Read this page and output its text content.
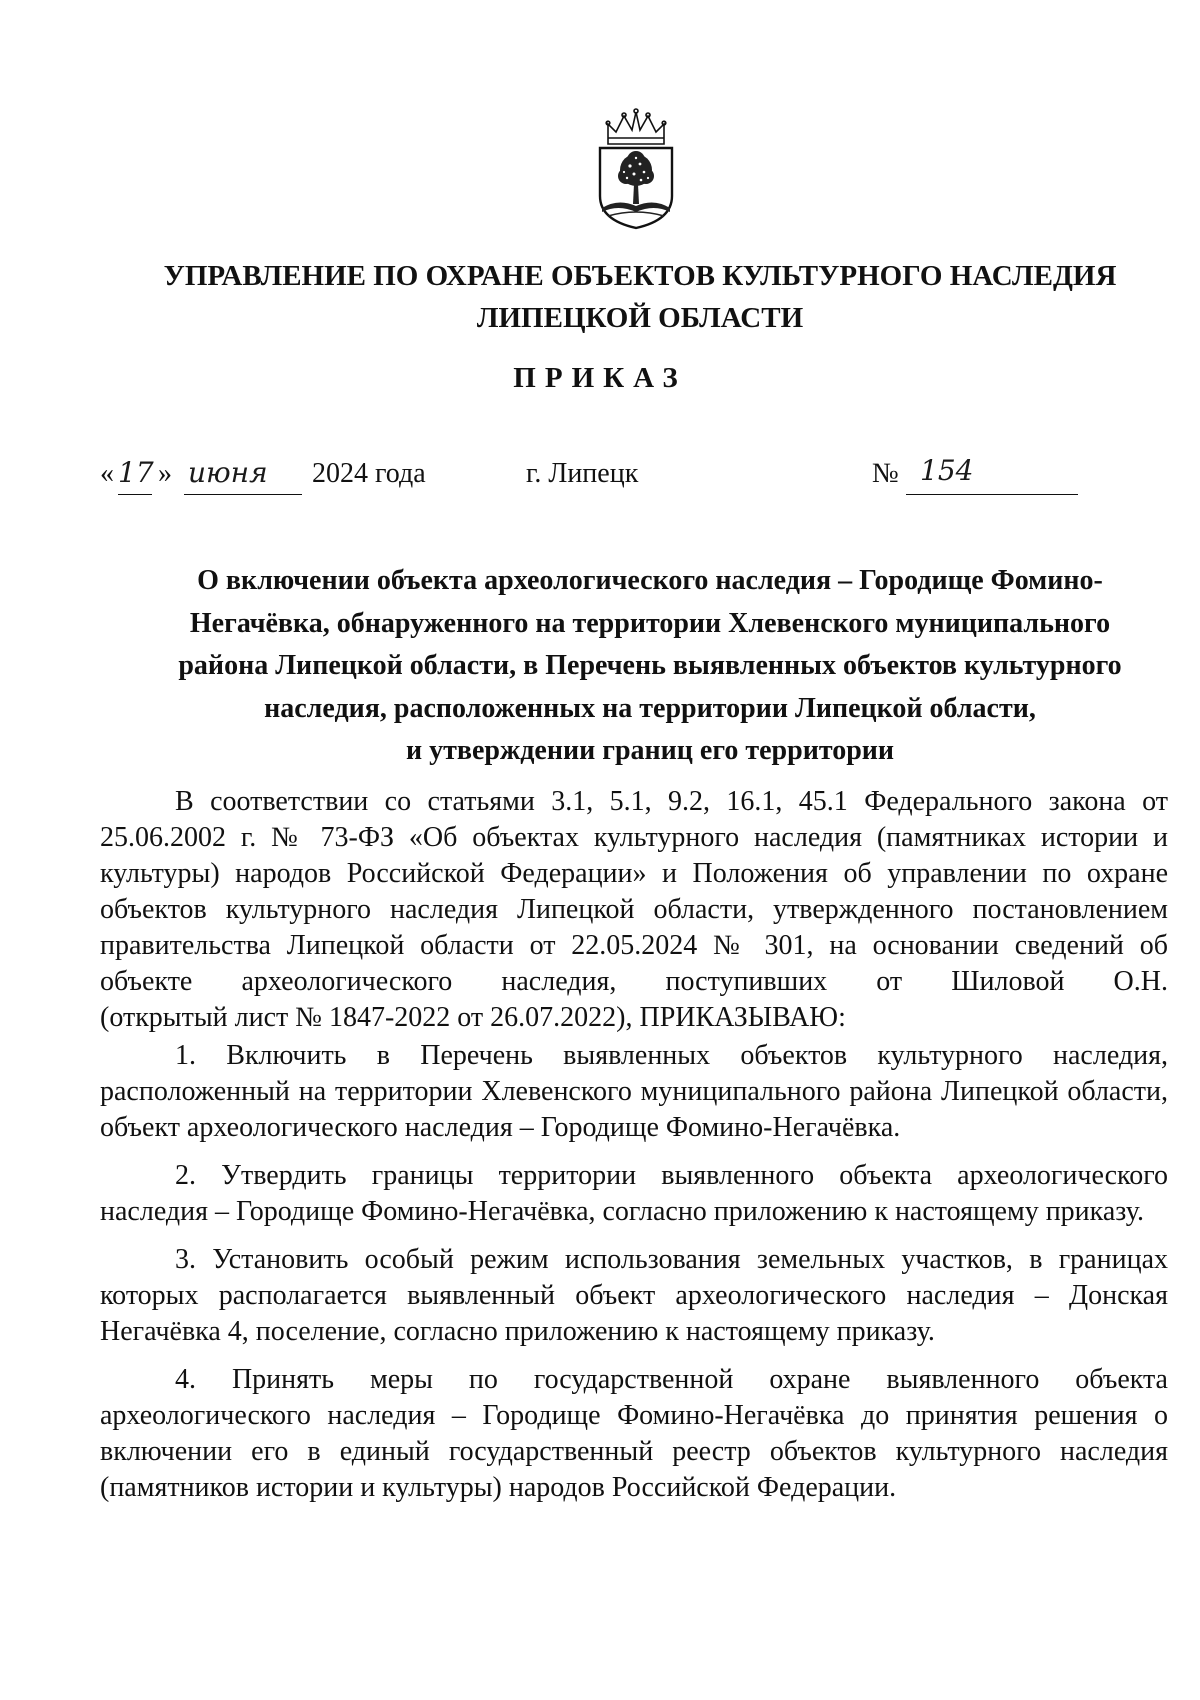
УПРАВЛЕНИЕ ПО ОХРАНЕ ОБЪЕКТОВ КУЛЬТУРНОГО НАСЛЕДИЯ
ЛИПЕЦКОЙ ОБЛАСТИ
ПРИКАЗ
« 17 » июня 2024 года	г. Липецк	№ 154
О включении объекта археологического наследия – Городище Фомино-
Негачёвка, обнаруженного на территории Хлевенского муниципального
района Липецкой области, в Перечень выявленных объектов культурного
наследия, расположенных на территории Липецкой области,
и утверждении границ его территории
В соответствии со статьями 3.1, 5.1, 9.2, 16.1, 45.1 Федерального закона от
25.06.2002 г. № 73-ФЗ «Об объектах культурного наследия (памятниках истории и
культуры) народов Российской Федерации» и Положения об управлении по охране
объектов культурного наследия Липецкой области, утвержденного постановлением
правительства Липецкой области от 22.05.2024 № 301, на основании сведений об
объекте археологического наследия, поступивших от Шиловой О.Н.
(открытый лист № 1847-2022 от 26.07.2022), ПРИКАЗЫВАЮ:
1. Включить в Перечень выявленных объектов культурного наследия, расположенный на территории Хлевенского муниципального района Липецкой области, объект археологического наследия – Городище Фомино-Негачёвка.
2. Утвердить границы территории выявленного объекта археологического наследия – Городище Фомино-Негачёвка, согласно приложению к настоящему приказу.
3. Установить особый режим использования земельных участков, в границах которых располагается выявленный объект археологического наследия – Донская Негачёвка 4, поселение, согласно приложению к настоящему приказу.
4. Принять меры по государственной охране выявленного объекта археологического наследия – Городище Фомино-Негачёвка до принятия решения о включении его в единый государственный реестр объектов культурного наследия (памятников истории и культуры) народов Российской Федерации.
